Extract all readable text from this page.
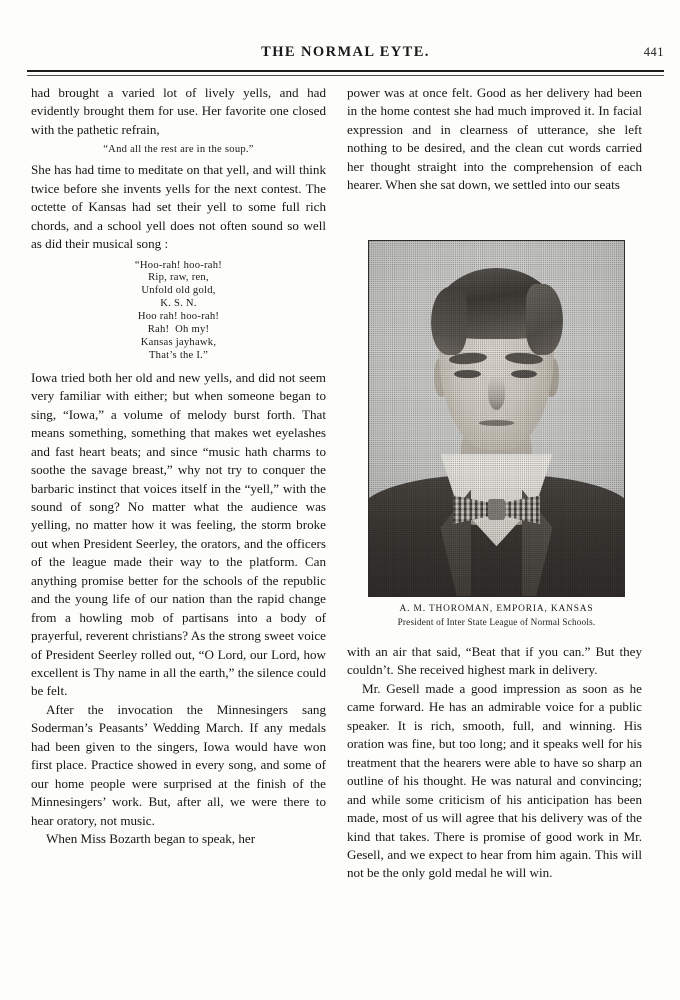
THE NORMAL EYTE.	441

had brought a varied lot of lively yells, and had evidently brought them for use. Her favorite one closed with the pathetic refrain,

“And all the rest are in the soup.”

She has had time to meditate on that yell, and will think twice before she invents yells for the next contest. The octette of Kansas had set their yell to some full rich chords, and a school yell does not often sound so well as did their musical song :

“Hoo-rah! hoo-rah!
Rip, raw, ren,
Unfold old gold,
K. S. N.
Hoo rah! hoo-rah!
Rah!  Oh my!
Kansas jayhawk,
That’s the I.”

Iowa tried both her old and new yells, and did not seem very familiar with either; but when someone began to sing, “Iowa,” a volume of melody burst forth. That means something, something that makes wet eyelashes and fast heart beats; and since “music hath charms to soothe the savage breast,” why not try to conquer the barbaric instinct that voices itself in the “yell,” with the sound of song? No matter what the audience was yelling, no matter how it was feeling, the storm broke out when President Seerley, the orators, and the officers of the league made their way to the platform. Can anything promise better for the schools of the republic and the young life of our nation than the rapid change from a howling mob of partisans into a body of prayerful, reverent christians? As the strong sweet voice of President Seerley rolled out, “O Lord, our Lord, how excellent is Thy name in all the earth,” the silence could be felt.

After the invocation the Minnesingers sang Soderman’s Peasants’ Wedding March. If any medals had been given to the singers, Iowa would have won first place. Practice showed in every song, and some of our home people were surprised at the finish of the Minnesingers’ work. But, after all, we were there to hear oratory, not music.

When Miss Bozarth began to speak, her

power was at once felt. Good as her delivery had been in the home contest she had much improved it. In facial expression and in clearness of utterance, she left nothing to be desired, and the clean cut words carried her thought straight into the comprehension of each hearer. When she sat down, we settled into our seats

A. M. THOROMAN, EMPORIA, KANSAS
President of Inter State League of Normal Schools.

with an air that said, “Beat that if you can.” But they couldn’t. She received highest mark in delivery.

Mr. Gesell made a good impression as soon as he came forward. He has an admirable voice for a public speaker. It is rich, smooth, full, and winning. His oration was fine, but too long; and it speaks well for his treatment that the hearers were able to have so sharp an outline of his thought. He was natural and convincing; and while some criticism of his anticipation has been made, most of us will agree that his delivery was of the kind that takes. There is promise of good work in Mr. Gesell, and we expect to hear from him again. This will not be the only gold medal he will win.
